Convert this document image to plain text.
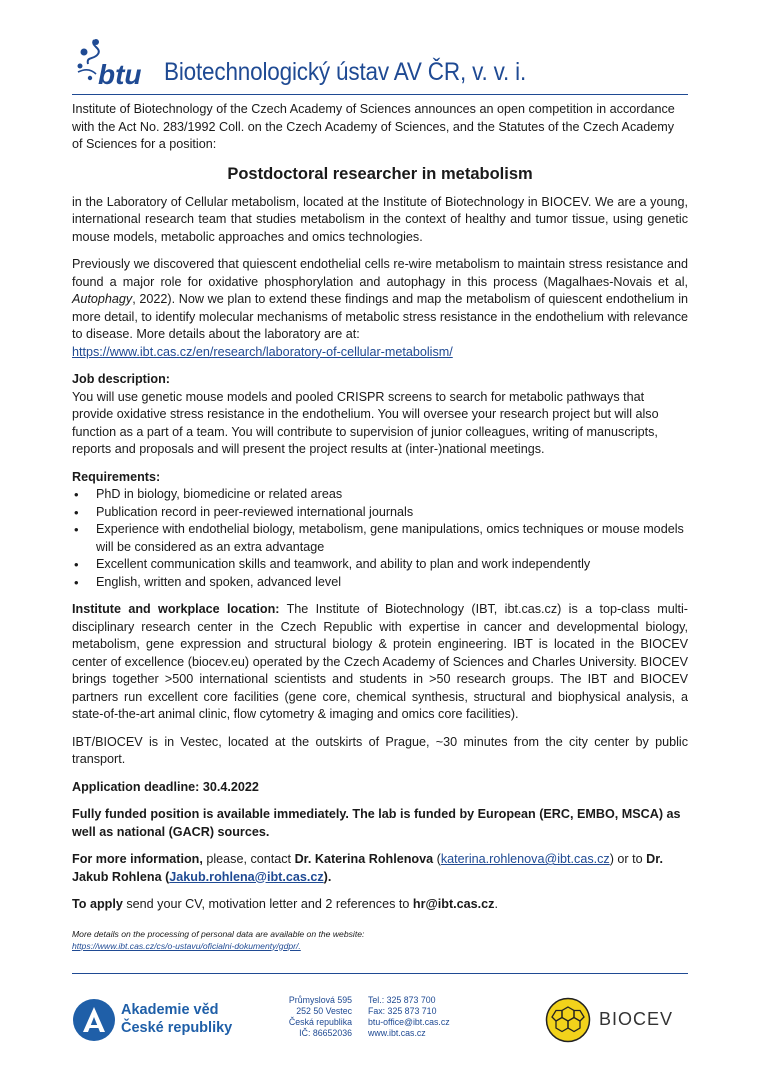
btu Biotechnologický ústav AV ČR, v. v. i.

Institute of Biotechnology of the Czech Academy of Sciences announces an open competition in accordance with the Act No. 283/1992 Coll. on the Czech Academy of Sciences, and the Statutes of the Czech Academy of Sciences for a position:

Postdoctoral researcher in metabolism

in the Laboratory of Cellular metabolism, located at the Institute of Biotechnology in BIOCEV. We are a young, international research team that studies metabolism in the context of healthy and tumor tissue, using genetic mouse models, metabolic approaches and omics technologies.

Previously we discovered that quiescent endothelial cells re-wire metabolism to maintain stress resistance and found a major role for oxidative phosphorylation and autophagy in this process (Magalhaes-Novais et al, Autophagy, 2022). Now we plan to extend these findings and map the metabolism of quiescent endothelium in more detail, to identify molecular mechanisms of metabolic stress resistance in the endothelium with relevance to disease. More details about the laboratory are at:
https://www.ibt.cas.cz/en/research/laboratory-of-cellular-metabolism/

Job description:
You will use genetic mouse models and pooled CRISPR screens to search for metabolic pathways that provide oxidative stress resistance in the endothelium. You will oversee your research project but will also function as a part of a team. You will contribute to supervision of junior colleagues, writing of manuscripts, reports and proposals and will present the project results at (inter-)national meetings.

Requirements:
• PhD in biology, biomedicine or related areas
• Publication record in peer-reviewed international journals
• Experience with endothelial biology, metabolism, gene manipulations, omics techniques or mouse models will be considered as an extra advantage
• Excellent communication skills and teamwork, and ability to plan and work independently
• English, written and spoken, advanced level

Institute and workplace location: The Institute of Biotechnology (IBT, ibt.cas.cz) is a top-class multi-disciplinary research center in the Czech Republic with expertise in cancer and developmental biology, metabolism, gene expression and structural biology & protein engineering. IBT is located in the BIOCEV center of excellence (biocev.eu) operated by the Czech Academy of Sciences and Charles University. BIOCEV brings together >500 international scientists and students in >50 research groups. The IBT and BIOCEV partners run excellent core facilities (gene core, chemical synthesis, structural and biophysical analysis, a state-of-the-art animal clinic, flow cytometry & imaging and omics core facilities).

IBT/BIOCEV is in Vestec, located at the outskirts of Prague, ~30 minutes from the city center by public transport.

Application deadline: 30.4.2022

Fully funded position is available immediately. The lab is funded by European (ERC, EMBO, MSCA) as well as national (GACR) sources.

For more information, please, contact Dr. Katerina Rohlenova (katerina.rohlenova@ibt.cas.cz) or to Dr. Jakub Rohlena (Jakub.rohlena@ibt.cas.cz).

To apply send your CV, motivation letter and 2 references to hr@ibt.cas.cz.

More details on the processing of personal data are available on the website:
https://www.ibt.cas.cz/cs/o-ustavu/oficialni-dokumenty/gdpr/.
Akademie věd
České republiky
Průmyslová 595
252 50 Vestec
Česká republika
IČ: 86652036
Tel.: 325 873 700
Fax: 325 873 710
btu-office@ibt.cas.cz
www.ibt.cas.cz
BIOCEV
